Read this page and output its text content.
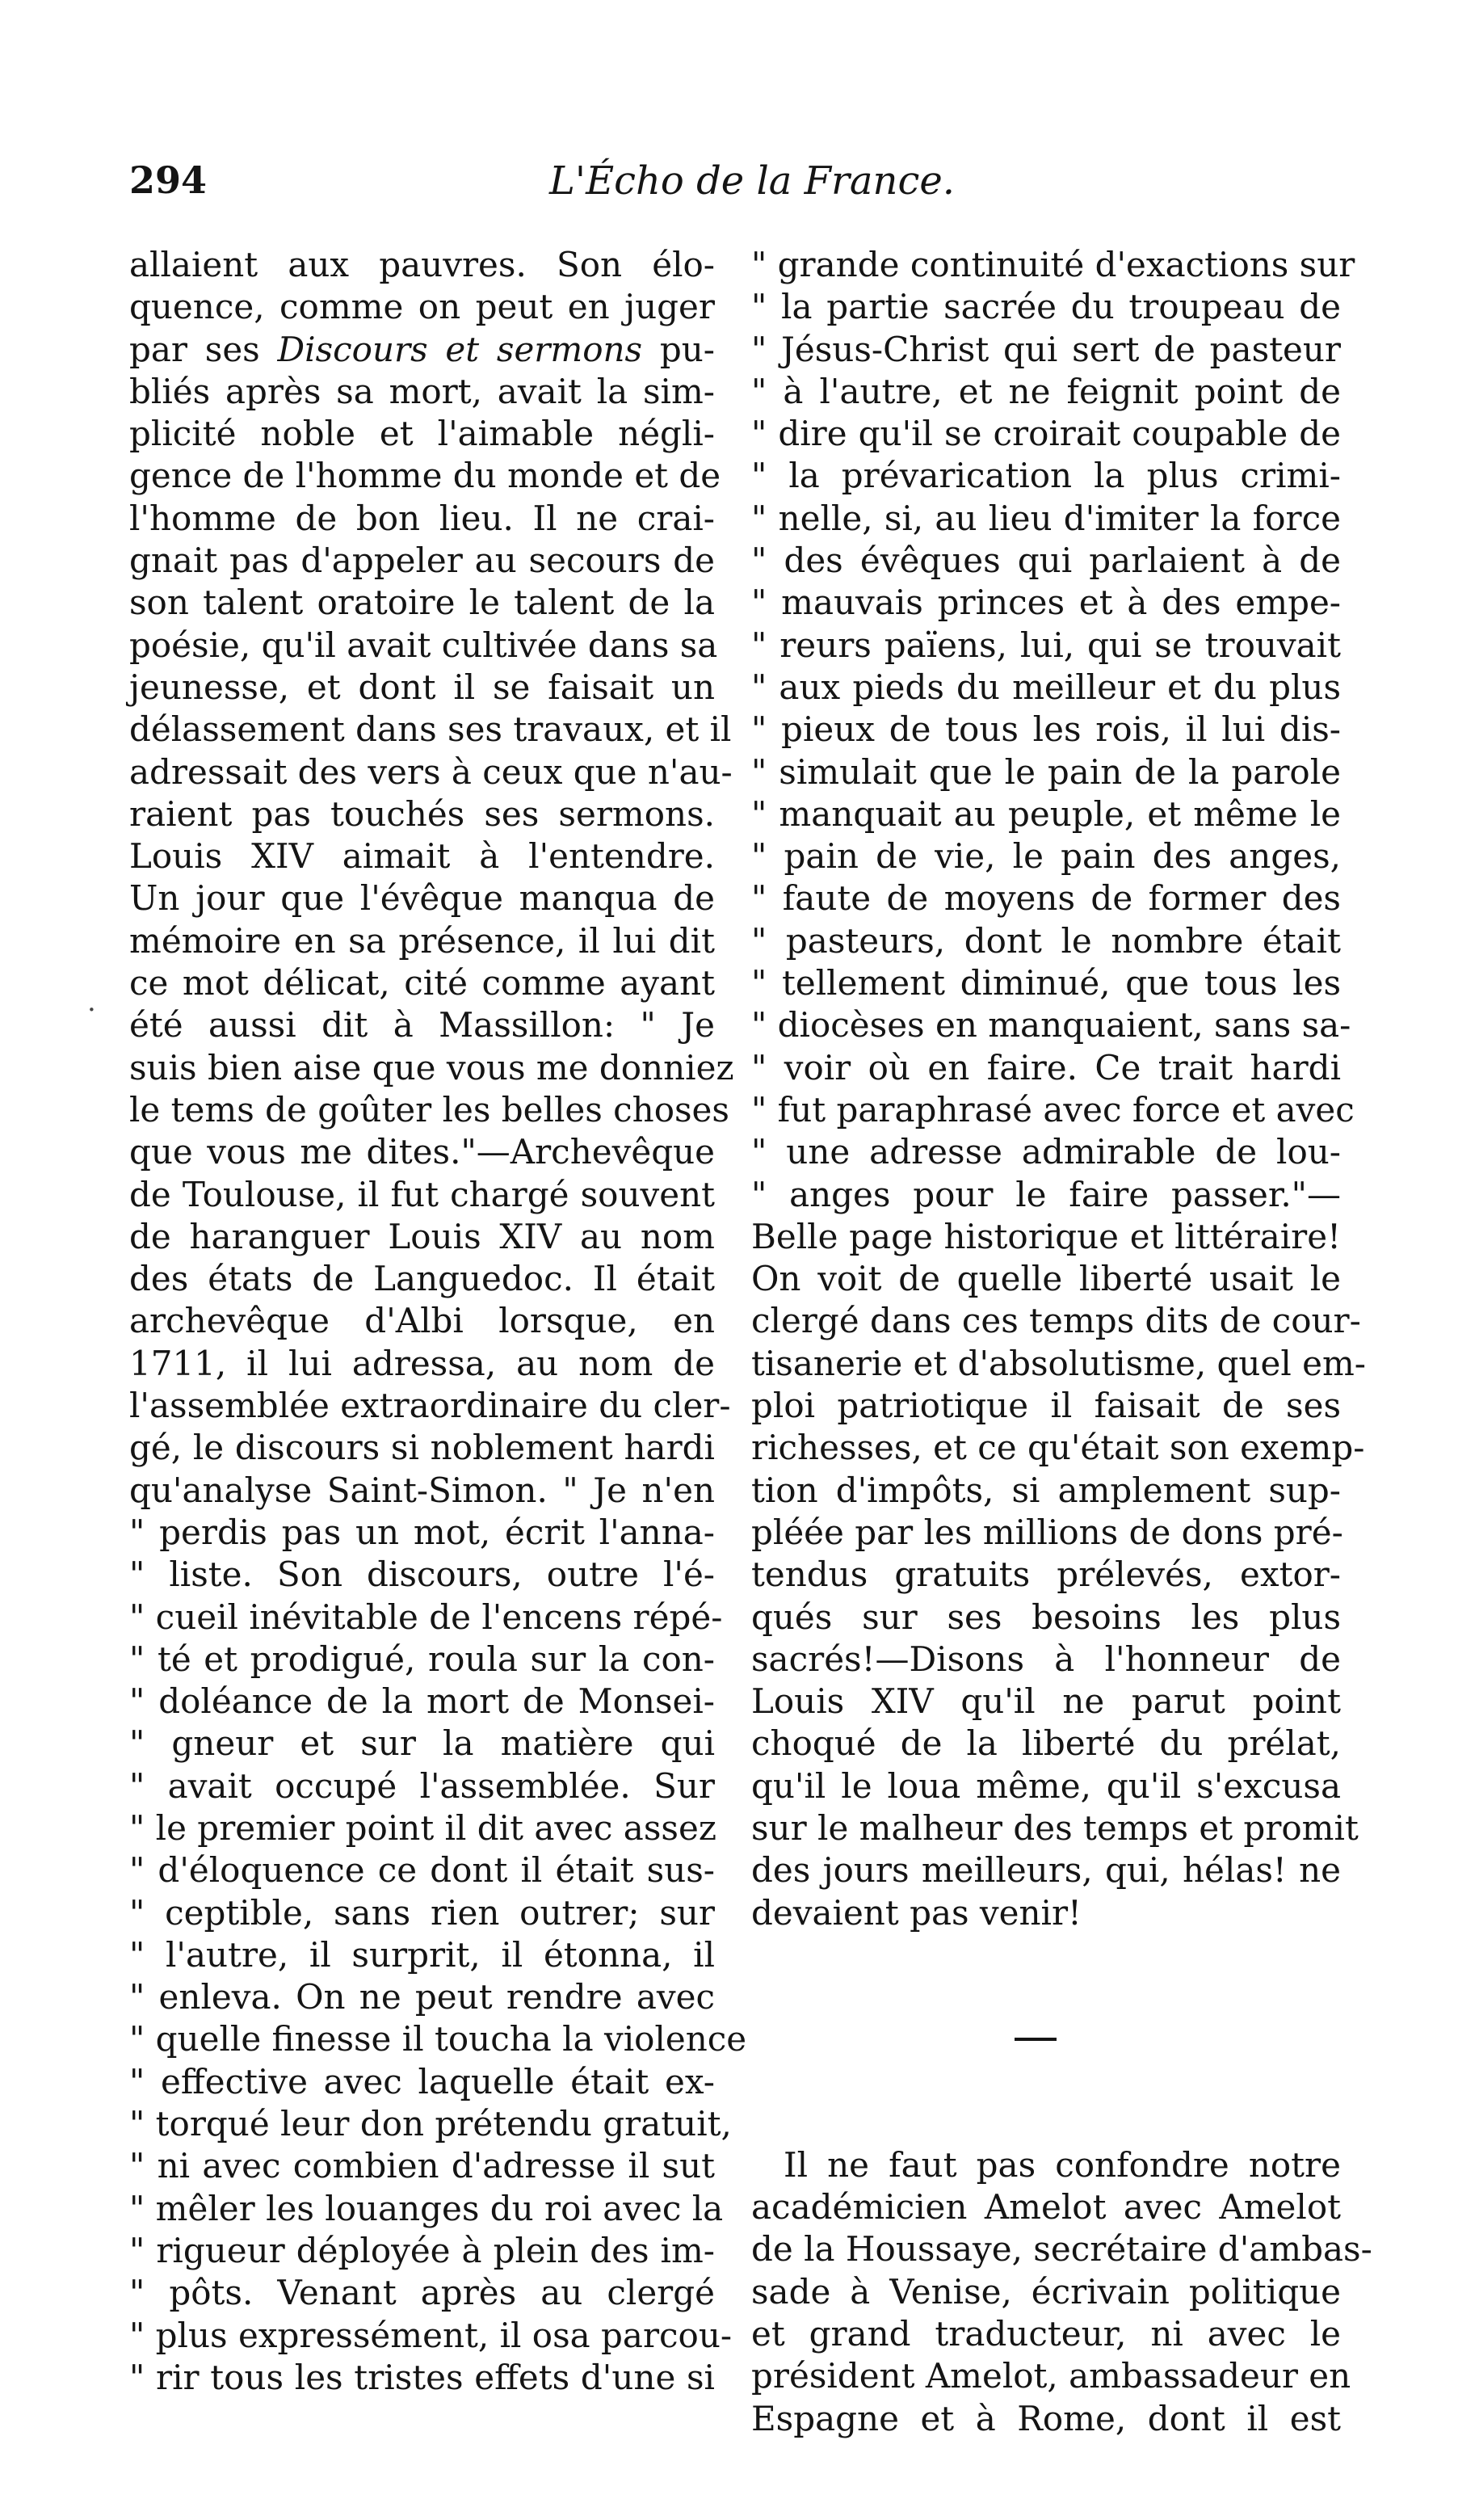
294	L'Écho de la France.
·
allaient aux pauvres. Son élo-
quence, comme on peut en juger
par ses Discours et sermons pu-
bliés après sa mort, avait la sim-
plicité noble et l'aimable négli-
gence de l'homme du monde et de
l'homme de bon lieu. Il ne crai-
gnait pas d'appeler au secours de
son talent oratoire le talent de la
poésie, qu'il avait cultivée dans sa
jeunesse, et dont il se faisait un
délassement dans ses travaux, et il
adressait des vers à ceux que n'au-
raient pas touchés ses sermons.
Louis XIV aimait à l'entendre.
Un jour que l'évêque manqua de
mémoire en sa présence, il lui dit
ce mot délicat, cité comme ayant
été aussi dit à Massillon: " Je
suis bien aise que vous me donniez
le tems de goûter les belles choses
que vous me dites."—Archevêque
de Toulouse, il fut chargé souvent
de haranguer Louis XIV au nom
des états de Languedoc. Il était
archevêque d'Albi lorsque, en
1711, il lui adressa, au nom de
l'assemblée extraordinaire du cler-
gé, le discours si noblement hardi
qu'analyse Saint-Simon. " Je n'en
" perdis pas un mot, écrit l'anna-
" liste. Son discours, outre l'é-
" cueil inévitable de l'encens répé-
" té et prodigué, roula sur la con-
" doléance de la mort de Monsei-
" gneur et sur la matière qui
" avait occupé l'assemblée. Sur
" le premier point il dit avec assez
" d'éloquence ce dont il était sus-
" ceptible, sans rien outrer; sur
" l'autre, il surprit, il étonna, il
" enleva. On ne peut rendre avec
" quelle finesse il toucha la violence
" effective avec laquelle était ex-
" torqué leur don prétendu gratuit,
" ni avec combien d'adresse il sut
" mêler les louanges du roi avec la
" rigueur déployée à plein des im-
" pôts. Venant après au clergé
" plus expressément, il osa parcou-
" rir tous les tristes effets d'une si
" grande continuité d'exactions sur
" la partie sacrée du troupeau de
" Jésus-Christ qui sert de pasteur
" à l'autre, et ne feignit point de
" dire qu'il se croirait coupable de
" la prévarication la plus crimi-
" nelle, si, au lieu d'imiter la force
" des évêques qui parlaient à de
" mauvais princes et à des empe-
" reurs païens, lui, qui se trouvait
" aux pieds du meilleur et du plus
" pieux de tous les rois, il lui dis-
" simulait que le pain de la parole
" manquait au peuple, et même le
" pain de vie, le pain des anges,
" faute de moyens de former des
" pasteurs, dont le nombre était
" tellement diminué, que tous les
" diocèses en manquaient, sans sa-
" voir où en faire. Ce trait hardi
" fut paraphrasé avec force et avec
" une adresse admirable de lou-
" anges pour le faire passer."—
Belle page historique et littéraire!
On voit de quelle liberté usait le
clergé dans ces temps dits de cour-
tisanerie et d'absolutisme, quel em-
ploi patriotique il faisait de ses
richesses, et ce qu'était son exemp-
tion d'impôts, si amplement sup-
pléée par les millions de dons pré-
tendus gratuits prélevés, extor-
qués sur ses besoins les plus
sacrés!—Disons à l'honneur de
Louis XIV qu'il ne parut point
choqué de la liberté du prélat,
qu'il le loua même, qu'il s'excusa
sur le malheur des temps et promit
des jours meilleurs, qui, hélas! ne
devaient pas venir!
Il ne faut pas confondre notre
académicien Amelot avec Amelot
de la Houssaye, secrétaire d'ambas-
sade à Venise, écrivain politique
et grand traducteur, ni avec le
président Amelot, ambassadeur en
Espagne et à Rome, dont il est
